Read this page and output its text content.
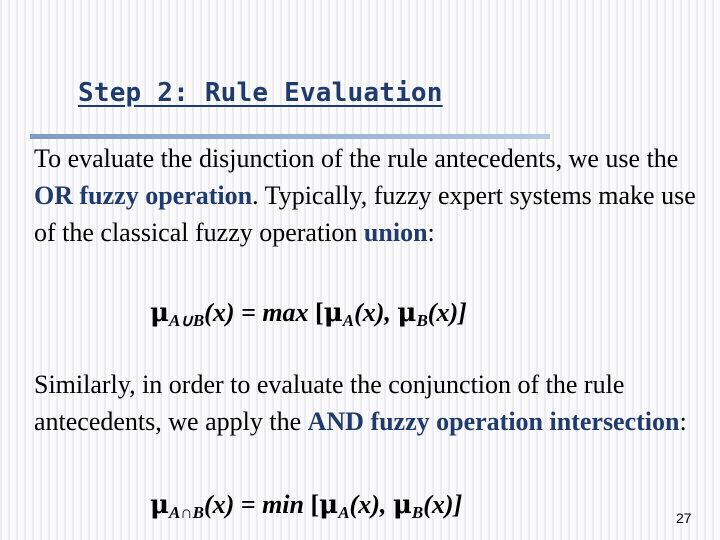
Step 2: Rule Evaluation
To evaluate the disjunction of the rule antecedents, we use the OR fuzzy operation. Typically, fuzzy expert systems make use of the classical fuzzy operation union:
$\mu_{A\cup B}(x) = \max [\mu_A(x)$, $\mu_B(x)$]
Similarly, in order to evaluate the conjunction of the rule antecedents, we apply the AND fuzzy operation intersection:
$\mu_{A\cap B}(x) = \min [\mu_A(x)$, $\mu_B(x)$]	27
